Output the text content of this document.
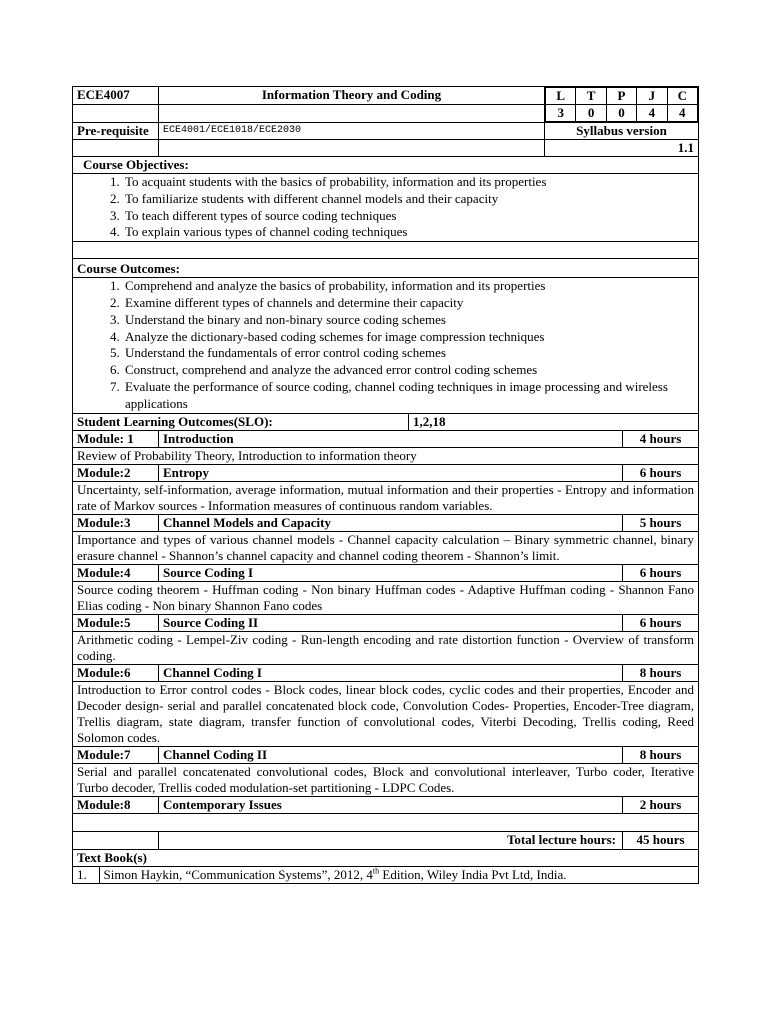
ECE4007	Information Theory and Coding		L	T	P	J	C
3	0	0	4	4

Pre-requisite	ECE4001/ECE1018/ECE2030	Syllabus version
		1.1
Course Objectives:

1. To acquaint students with the basics of probability, information and its properties
2. To familiarize students with different channel models and their capacity
3. To teach different types of source coding techniques
4. To explain various types of channel coding techniques

Course Outcomes:

1. Comprehend and analyze the basics of probability, information and its properties
2. Examine different types of channels and determine their capacity
3. Understand the binary and non-binary source coding schemes
4. Analyze the dictionary-based coding schemes for image compression techniques
5. Understand the fundamentals of error control coding schemes
6. Construct, comprehend and analyze the advanced error control coding schemes
7. Evaluate the performance of source coding, channel coding techniques in image processing and wireless applications

Student Learning Outcomes(SLO):	1,2,18
Module: 1	Introduction	4 hours
Review of Probability Theory, Introduction to information theory
Module:2	Entropy	6 hours
Uncertainty, self-information, average information, mutual information and their properties - Entropy and information rate of Markov sources - Information measures of continuous random variables.
Module:3	Channel Models and Capacity	5 hours
Importance and types of various channel models - Channel capacity calculation – Binary symmetric channel, binary erasure channel - Shannon’s channel capacity and channel coding theorem - Shannon’s limit.
Module:4	Source Coding I	6 hours
Source coding theorem - Huffman coding - Non binary Huffman codes - Adaptive Huffman coding - Shannon Fano Elias coding - Non binary Shannon Fano codes
Module:5	Source Coding II	6 hours
Arithmetic coding - Lempel-Ziv coding - Run-length encoding and rate distortion function - Overview of transform coding.
Module:6	Channel Coding I	8 hours
Introduction to Error control codes - Block codes, linear block codes, cyclic codes and their properties, Encoder and Decoder design- serial and parallel concatenated block code, Convolution Codes- Properties, Encoder-Tree diagram, Trellis diagram, state diagram, transfer function of convolutional codes, Viterbi Decoding, Trellis coding, Reed Solomon codes.
Module:7	Channel Coding II	8 hours
Serial and parallel concatenated convolutional codes, Block and convolutional interleaver, Turbo coder, Iterative Turbo decoder, Trellis coded modulation-set partitioning - LDPC Codes.
Module:8	Contemporary Issues	2 hours

	Total lecture hours:	45 hours
Text Book(s)

1.	Simon Haykin, “Communication Systems”, 2012, 4th Edition, Wiley India Pvt Ltd, India.
